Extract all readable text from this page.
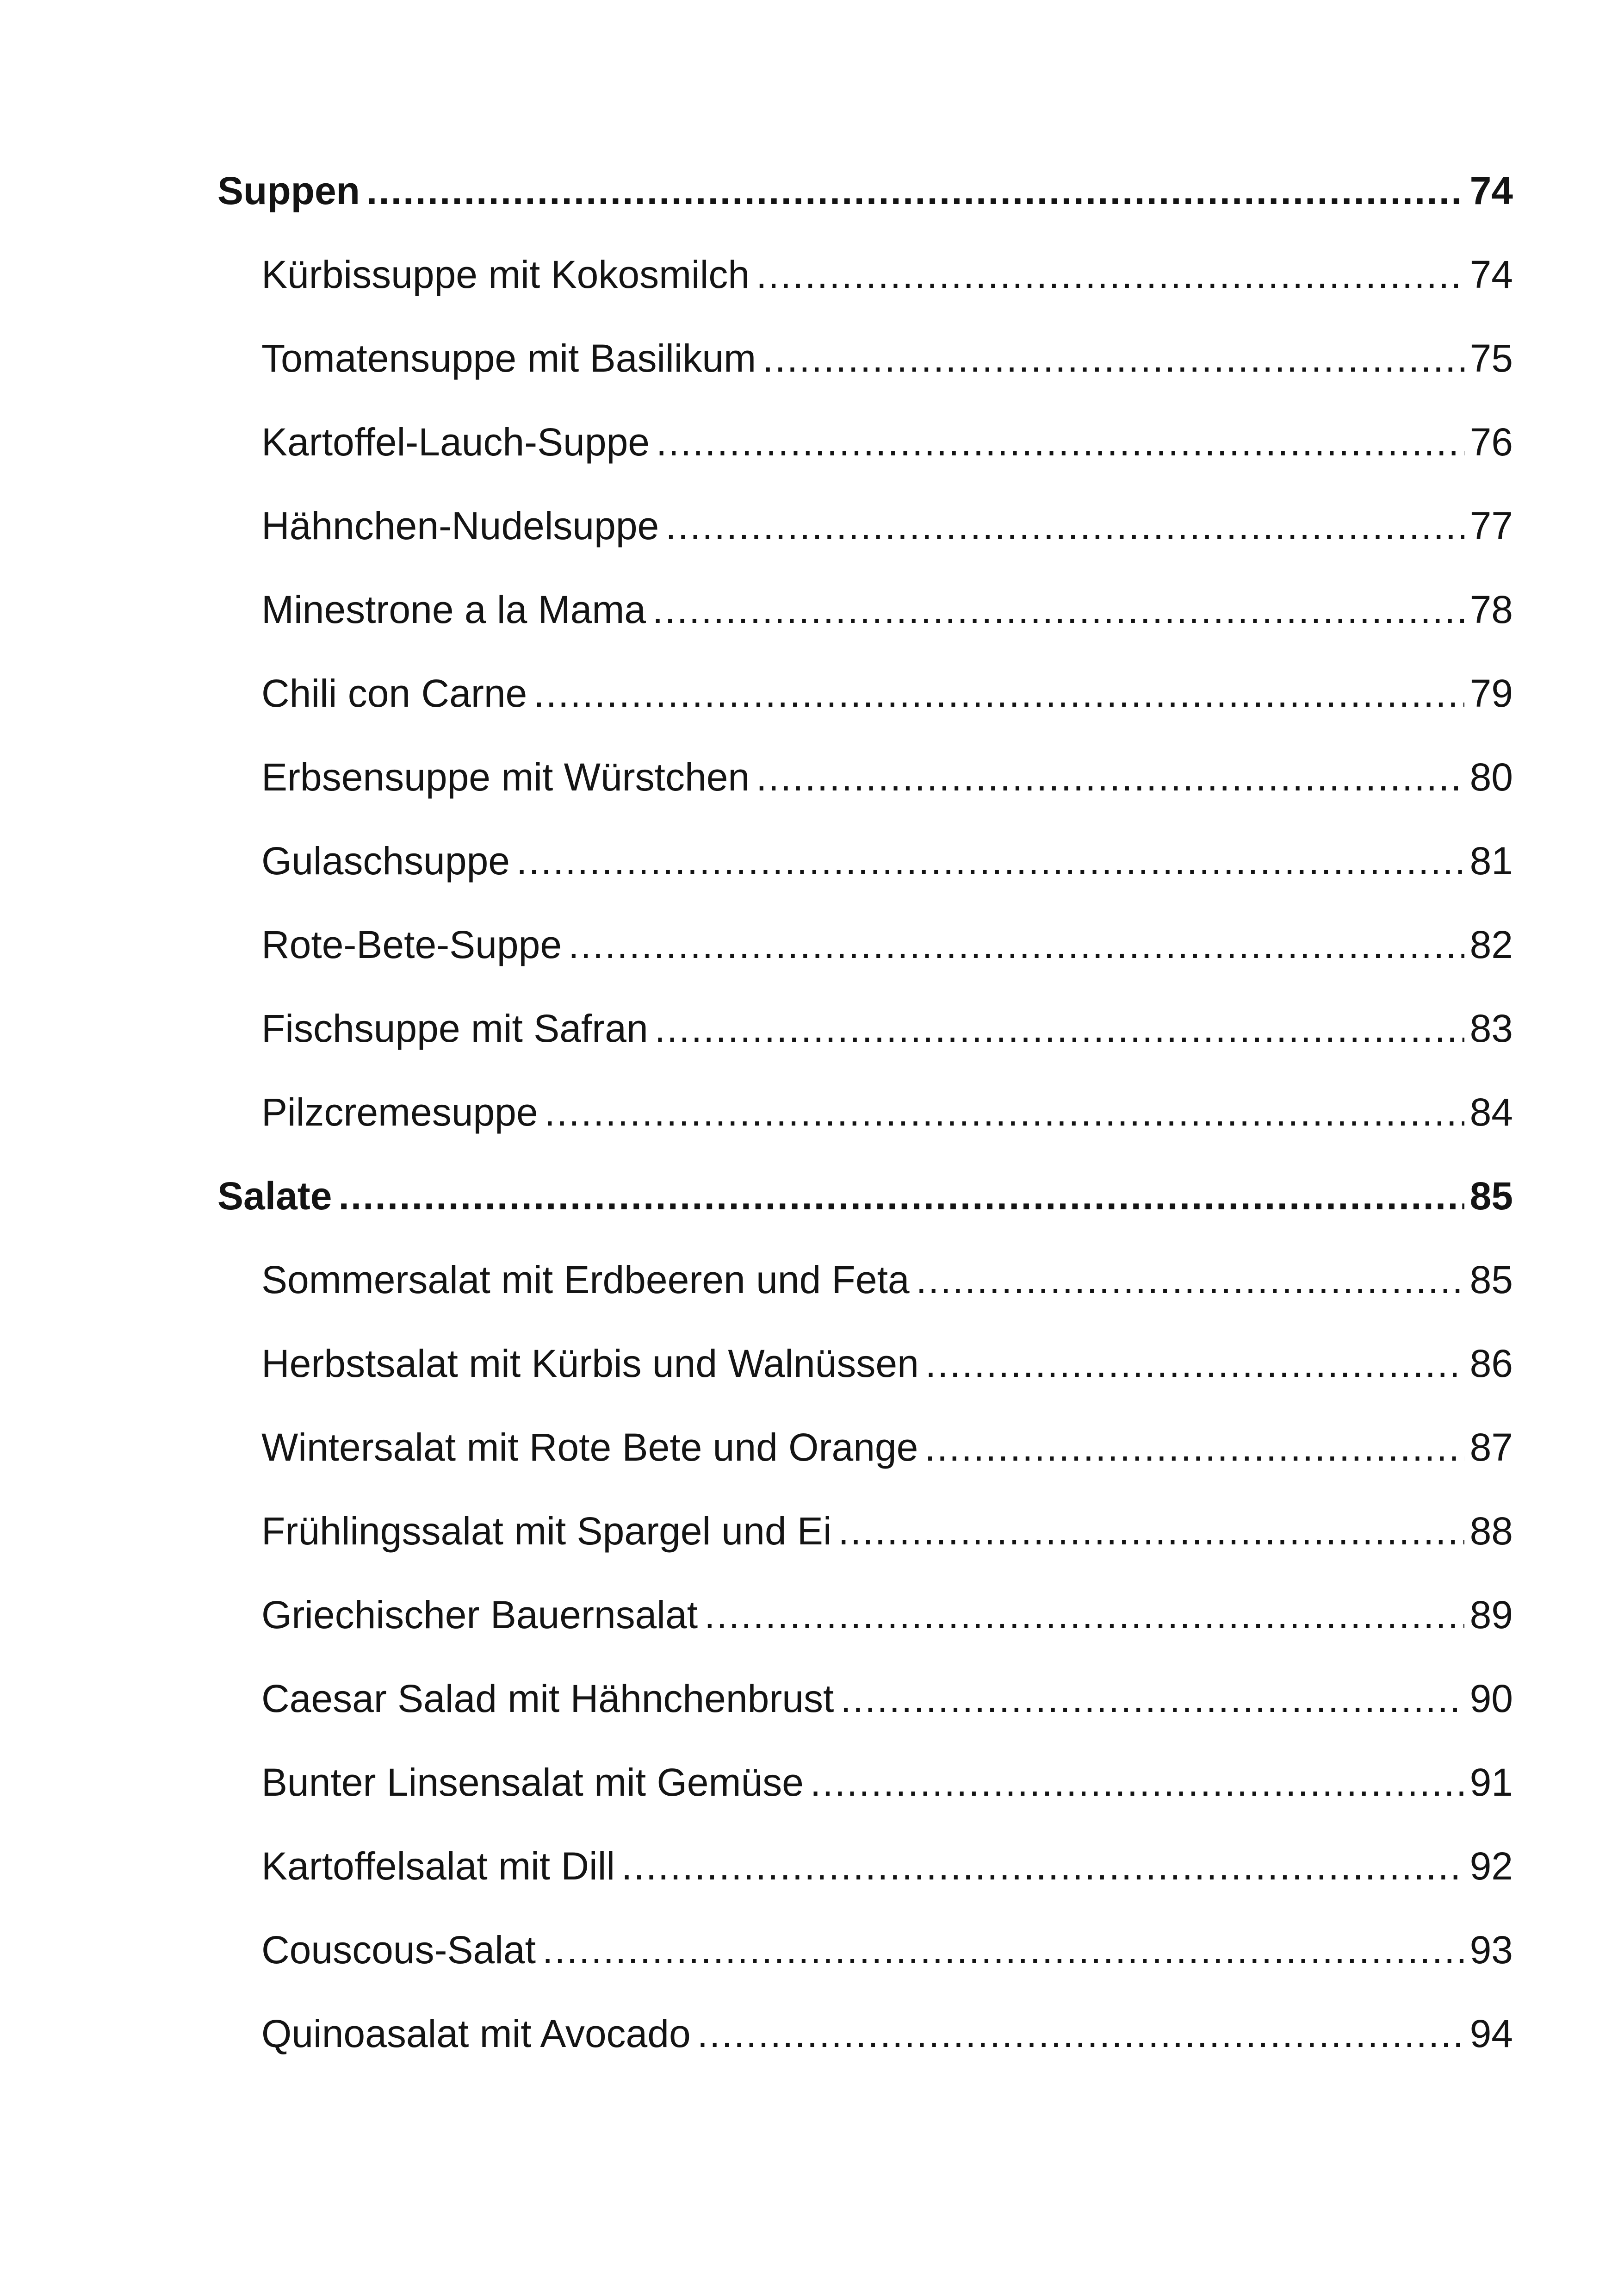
Suppen .....	74
Kürbissuppe mit Kokosmilch .....	74
Tomatensuppe mit Basilikum .....	75
Kartoffel-Lauch-Suppe .....	76
Hähnchen-Nudelsuppe .....	77
Minestrone a la Mama .....	78
Chili con Carne .....	79
Erbsensuppe mit Würstchen .....	80
Gulaschsuppe .....	81
Rote-Bete-Suppe .....	82
Fischsuppe mit Safran .....	83
Pilzcremesuppe .....	84
Salate .....	85
Sommersalat mit Erdbeeren und Feta .....	85
Herbstsalat mit Kürbis und Walnüssen .....	86
Wintersalat mit Rote Bete und Orange .....	87
Frühlingssalat mit Spargel und Ei .....	88
Griechischer Bauernsalat .....	89
Caesar Salad mit Hähnchenbrust .....	90
Bunter Linsensalat mit Gemüse .....	91
Kartoffelsalat mit Dill .....	92
Couscous-Salat .....	93
Quinoasalat mit Avocado .....	94
